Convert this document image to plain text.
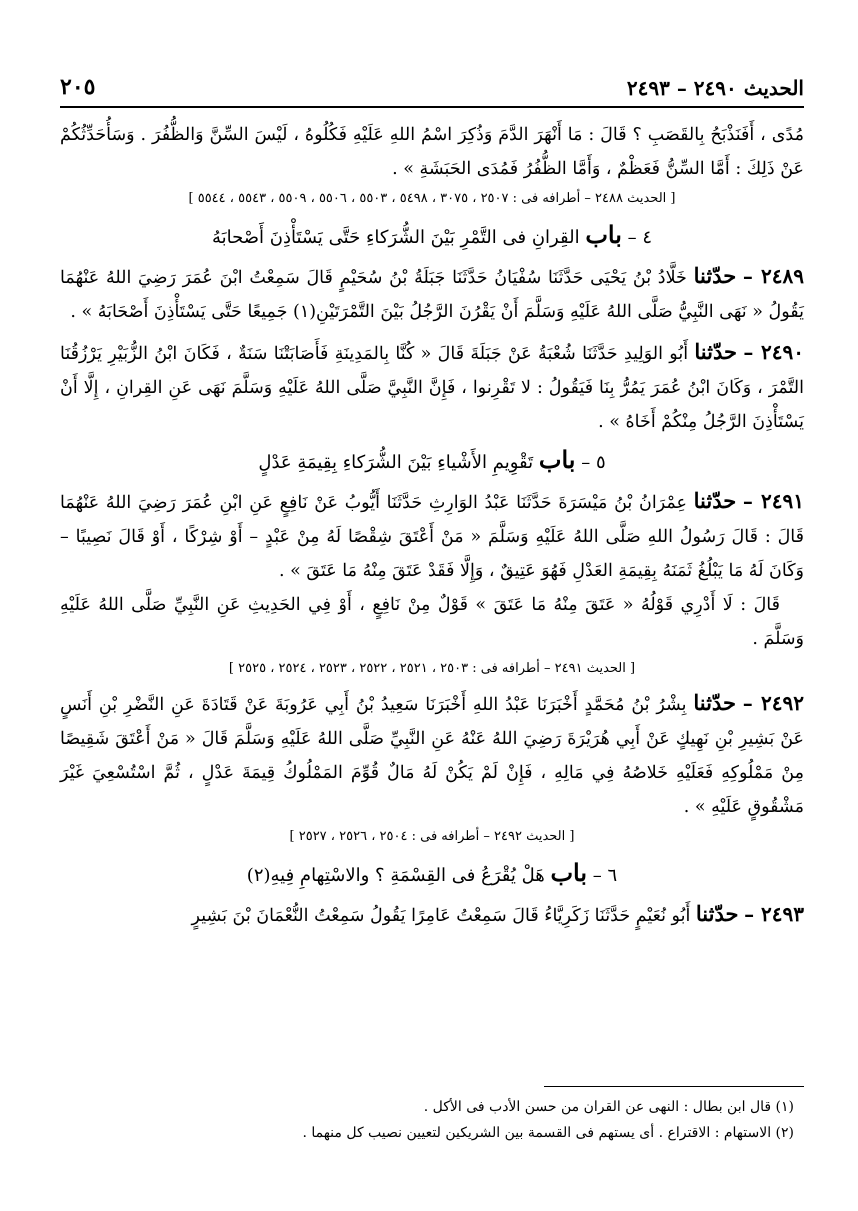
الحديث ٢٤٩٠ – ٢٤٩٣
٢٠٥

مُدًى ، أَفَنَذْبَحُ بِالقَصَبِ ؟ قَالَ : مَا أَنْهَرَ الدَّمَ وَذُكِرَ اسْمُ اللهِ عَلَيْهِ فَكُلُوهُ ، لَيْسَ السِّنَّ وَالظُّفُرَ . وَسَأُحَدِّثُكُمْ عَنْ ذَلِكَ : أَمَّا السِّنُّ فَعَظْمٌ ، وَأَمَّا الظُّفُرُ فَمُدَى الحَبَشَةِ » .

[ الحديث ٢٤٨٨ – أطرافه فى : ٢٥٠٧ ، ٣٠٧٥ ، ٥٤٩٨ ، ٥٥٠٣ ، ٥٥٠٦ ، ٥٥٠٩ ، ٥٥٤٣ ، ٥٥٤٤ ]
٤ – باب القِرانِ فى التَّمْرِ بَيْنَ الشُّرَكاءِ حَتَّى يَسْتَأْذِنَ أَصْحابَهُ

٢٤٨٩ – حدّثنا خَلَّادُ بْنُ يَحْيَى حَدَّثَنَا سُفْيَانُ حَدَّثَنَا جَبَلَةُ بْنُ سُحَيْمٍ قَالَ سَمِعْتُ ابْنَ عُمَرَ رَضِيَ اللهُ عَنْهُمَا يَقُولُ « نَهَى النَّبِيُّ صَلَّى اللهُ عَلَيْهِ وَسَلَّمَ أَنْ يَقْرُنَ الرَّجُلُ بَيْنَ التَّمْرَتَيْنِ(١) جَمِيعًا حَتَّى يَسْتَأْذِنَ أَصْحَابَهُ » .

٢٤٩٠ – حدّثنا أَبُو الوَلِيدِ حَدَّثَنَا شُعْبَةُ عَنْ جَبَلَةَ قَالَ « كُنَّا بِالمَدِينَةِ فَأَصَابَتْنَا سَنَةٌ ، فَكَانَ ابْنُ الزُّبَيْرِ يَرْزُقُنَا التَّمْرَ ، وَكَانَ ابْنُ عُمَرَ يَمُرُّ بِنَا فَيَقُولُ : لا تَقْرِنوا ، فَإِنَّ النَّبِيَّ صَلَّى اللهُ عَلَيْهِ وَسَلَّمَ نَهَى عَنِ القِرانِ ، إِلَّا أَنْ يَسْتَأْذِنَ الرَّجُلُ مِنْكُمْ أَخَاهُ » .

٥ – باب تَقْوِيمِ الأَشْياءِ بَيْنَ الشُّرَكاءِ بِقِيمَةِ عَدْلٍ

٢٤٩١ – حدّثنا عِمْرَانُ بْنُ مَيْسَرَةَ حَدَّثَنَا عَبْدُ الوَارِثِ حَدَّثَنَا أَيُّوبُ عَنْ نَافِعٍ عَنِ ابْنِ عُمَرَ رَضِيَ اللهُ عَنْهُمَا قَالَ : قَالَ رَسُولُ اللهِ صَلَّى اللهُ عَلَيْهِ وَسَلَّمَ « مَنْ أَعْتَقَ شِقْصًا لَهُ مِنْ عَبْدٍ – أَوْ شِرْكًا ، أَوْ قَالَ نَصِيبًا – وَكَانَ لَهُ مَا يَبْلُغُ ثَمَنَهُ بِقِيمَةِ العَدْلِ فَهُوَ عَتِيقٌ ، وَإِلَّا فَقَدْ عَتَقَ مِنْهُ مَا عَتَقَ » .

قَالَ : لَا أَدْرِي قَوْلُهُ « عَتَقَ مِنْهُ مَا عَتَقَ » قَوْلٌ مِنْ نَافِعٍ ، أَوْ فِي الحَدِيثِ عَنِ النَّبِيِّ صَلَّى اللهُ عَلَيْهِ وَسَلَّمَ .

[ الحديث ٢٤٩١ – أطرافه فى : ٢٥٠٣ ، ٢٥٢١ ، ٢٥٢٢ ، ٢٥٢٣ ، ٢٥٢٤ ، ٢٥٢٥ ]

٢٤٩٢ – حدّثنا بِشْرُ بْنُ مُحَمَّدٍ أَخْبَرَنَا عَبْدُ اللهِ أَخْبَرَنَا سَعِيدُ بْنُ أَبِي عَرُوبَةَ عَنْ قَتَادَةَ عَنِ النَّضْرِ بْنِ أَنَسٍ عَنْ بَشِيرِ بْنِ نَهِيكٍ عَنْ أَبِي هُرَيْرَةَ رَضِيَ اللهُ عَنْهُ عَنِ النَّبِيِّ صَلَّى اللهُ عَلَيْهِ وَسَلَّمَ قَالَ « مَنْ أَعْتَقَ شَقِيصًا مِنْ مَمْلُوكِهِ فَعَلَيْهِ خَلاصُهُ فِي مَالِهِ ، فَإِنْ لَمْ يَكُنْ لَهُ مَالٌ قُوِّمَ المَمْلُوكُ قِيمَةَ عَدْلٍ ، ثُمَّ اسْتُسْعِيَ غَيْرَ مَشْقُوقٍ عَلَيْهِ » .

[ الحديث ٢٤٩٢ – أطرافه فى : ٢٥٠٤ ، ٢٥٢٦ ، ٢٥٢٧ ]
٦ – باب هَلْ يُقْرَعُ فى القِسْمَةِ ؟ والاسْتِهامِ فِيهِ(٢)

٢٤٩٣ – حدّثنا أَبُو نُعَيْمٍ حَدَّثَنَا زَكَرِيَّاءُ قَالَ سَمِعْتُ عَامِرًا يَقُولُ سَمِعْتُ النُّعْمَانَ بْنَ بَشِيرٍ

(١) قال ابن بطال : النهى عن القران من حسن الأدب فى الأكل .
(٢) الاستهام : الاقتراع . أى يستهم فى القسمة بين الشريكين لتعيين نصيب كل منهما .
